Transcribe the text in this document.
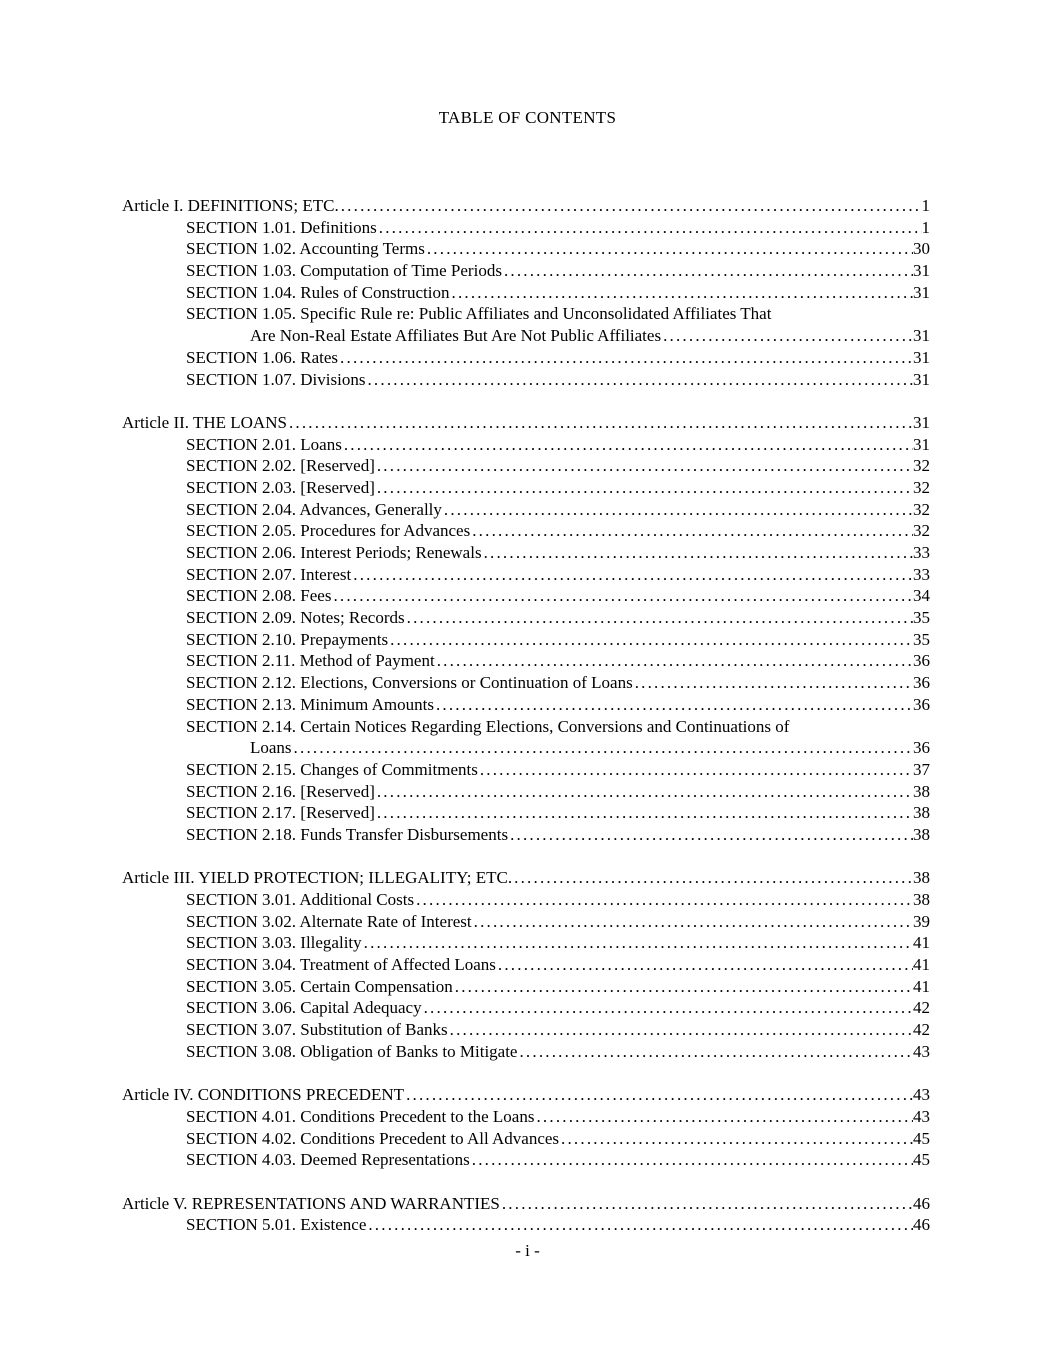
TABLE OF CONTENTS
Article I. DEFINITIONS; ETC. .....	1
SECTION 1.01. Definitions .....	1
SECTION 1.02. Accounting Terms .....	30
SECTION 1.03. Computation of Time Periods .....	31
SECTION 1.04. Rules of Construction .....	31
SECTION 1.05. Specific Rule re: Public Affiliates and Unconsolidated Affiliates That
Are Non-Real Estate Affiliates But Are Not Public Affiliates .....	31
SECTION 1.06. Rates .....	31
SECTION 1.07. Divisions .....	31
Article II. THE LOANS .....	31
SECTION 2.01. Loans .....	31
SECTION 2.02. [Reserved] .....	32
SECTION 2.03. [Reserved] .....	32
SECTION 2.04. Advances, Generally .....	32
SECTION 2.05. Procedures for Advances .....	32
SECTION 2.06. Interest Periods; Renewals .....	33
SECTION 2.07. Interest .....	33
SECTION 2.08. Fees .....	34
SECTION 2.09. Notes; Records .....	35
SECTION 2.10. Prepayments .....	35
SECTION 2.11. Method of Payment .....	36
SECTION 2.12. Elections, Conversions or Continuation of Loans .....	36
SECTION 2.13. Minimum Amounts .....	36
SECTION 2.14. Certain Notices Regarding Elections, Conversions and Continuations of
Loans .....	36
SECTION 2.15. Changes of Commitments .....	37
SECTION 2.16. [Reserved] .....	38
SECTION 2.17. [Reserved] .....	38
SECTION 2.18. Funds Transfer Disbursements .....	38
Article III. YIELD PROTECTION; ILLEGALITY; ETC. .....	38
SECTION 3.01. Additional Costs .....	38
SECTION 3.02. Alternate Rate of Interest .....	39
SECTION 3.03. Illegality .....	41
SECTION 3.04. Treatment of Affected Loans .....	41
SECTION 3.05. Certain Compensation .....	41
SECTION 3.06. Capital Adequacy .....	42
SECTION 3.07. Substitution of Banks .....	42
SECTION 3.08. Obligation of Banks to Mitigate .....	43
Article IV. CONDITIONS PRECEDENT .....	43
SECTION 4.01. Conditions Precedent to the Loans .....	43
SECTION 4.02. Conditions Precedent to All Advances .....	45
SECTION 4.03. Deemed Representations .....	45
Article V. REPRESENTATIONS AND WARRANTIES .....	46
SECTION 5.01. Existence .....	46
- i -
